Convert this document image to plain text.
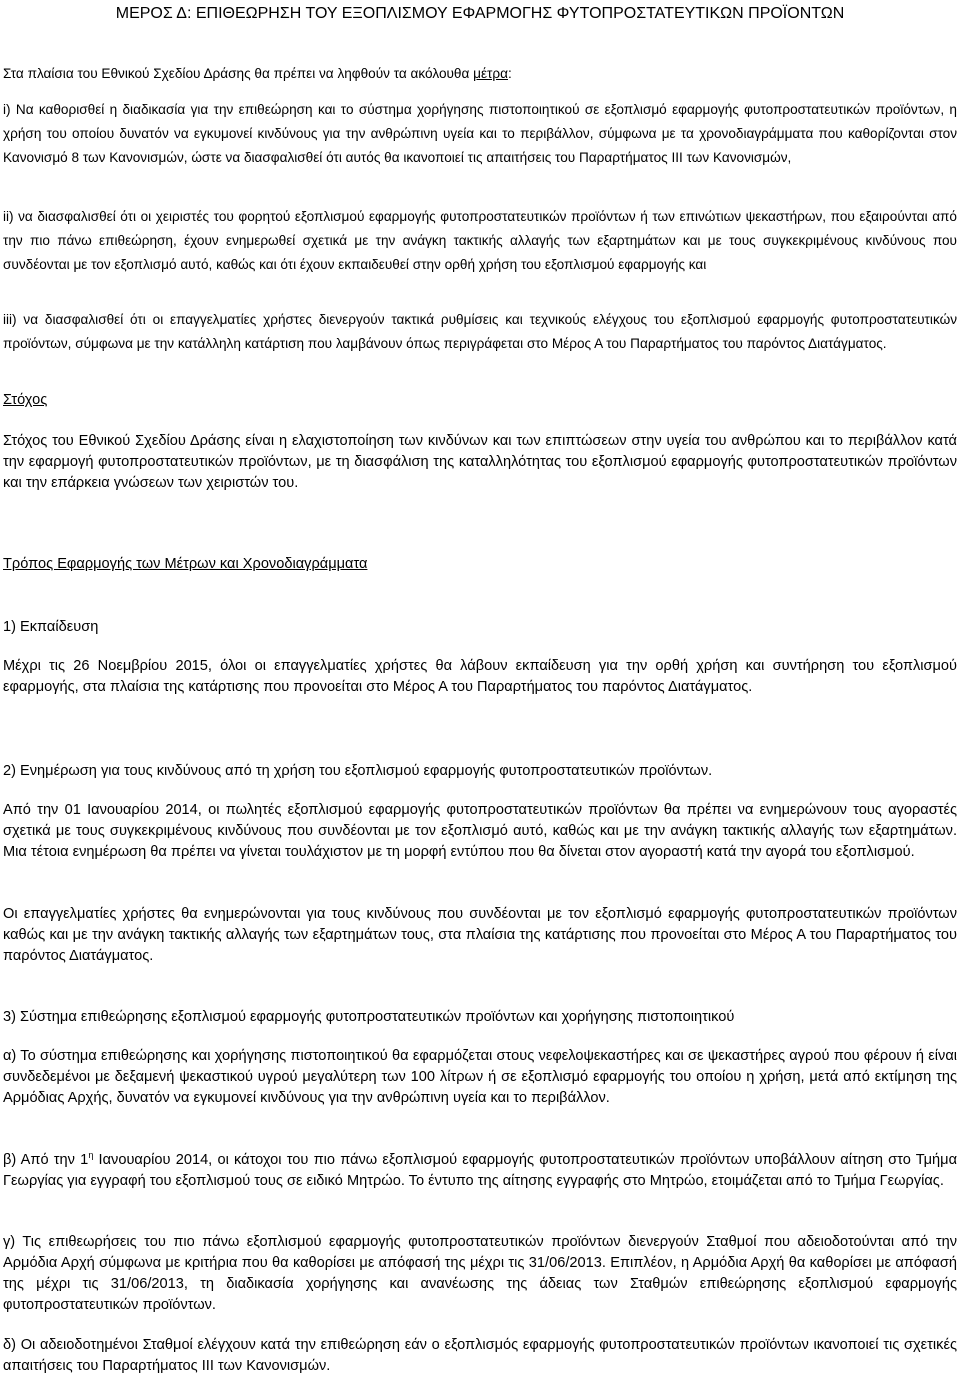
ΜΕΡΟΣ Δ: ΕΠΙΘΕΩΡΗΣΗ ΤΟΥ ΕΞΟΠΛΙΣΜΟΥ ΕΦΑΡΜΟΓΗΣ ΦΥΤΟΠΡΟΣΤΑΤΕΥΤΙΚΩΝ ΠΡΟΪΟΝΤΩΝ

Στα πλαίσια του Εθνικού Σχεδίου Δράσης θα πρέπει να ληφθούν τα ακόλουθα μέτρα:

i) Να καθορισθεί η διαδικασία για την επιθεώρηση και το σύστημα χορήγησης πιστοποιητικού σε εξοπλισμό εφαρμογής φυτοπροστατευτικών προϊόντων, η χρήση του οποίου δυνατόν να εγκυμονεί κινδύνους για την ανθρώπινη υγεία και το περιβάλλον, σύμφωνα με τα χρονοδιαγράμματα που καθορίζονται στον Κανονισμό 8 των Κανονισμών, ώστε να διασφαλισθεί ότι αυτός θα ικανοποιεί τις απαιτήσεις του Παραρτήματος ΙΙΙ των Κανονισμών,

ii) να διασφαλισθεί ότι οι χειριστές του φορητού εξοπλισμού εφαρμογής φυτοπροστατευτικών προϊόντων ή των επινώτιων ψεκαστήρων, που εξαιρούνται από την πιο πάνω επιθεώρηση, έχουν ενημερωθεί σχετικά με την ανάγκη τακτικής αλλαγής των εξαρτημάτων και με τους συγκεκριμένους κινδύνους που συνδέονται με τον εξοπλισμό αυτό, καθώς και ότι έχουν εκπαιδευθεί στην ορθή χρήση του εξοπλισμού εφαρμογής και

iii) να διασφαλισθεί ότι οι επαγγελματίες χρήστες διενεργούν τακτικά ρυθμίσεις και τεχνικούς ελέγχους του εξοπλισμού εφαρμογής φυτοπροστατευτικών προϊόντων, σύμφωνα με την κατάλληλη κατάρτιση που λαμβάνουν όπως περιγράφεται στο Μέρος Α του Παραρτήματος του παρόντος Διατάγματος.

Στόχος

Στόχος του Εθνικού Σχεδίου Δράσης είναι η ελαχιστοποίηση των κινδύνων και των επιπτώσεων στην υγεία του ανθρώπου και το περιβάλλον κατά την εφαρμογή φυτοπροστατευτικών προϊόντων, με τη διασφάλιση της καταλληλότητας του εξοπλισμού εφαρμογής φυτοπροστατευτικών προϊόντων και την επάρκεια γνώσεων των χειριστών του.

Τρόπος Εφαρμογής των Μέτρων και Χρονοδιαγράμματα

1) Εκπαίδευση

Μέχρι τις 26 Νοεμβρίου 2015, όλοι οι επαγγελματίες χρήστες θα λάβουν εκπαίδευση για την ορθή χρήση και συντήρηση του εξοπλισμού εφαρμογής, στα πλαίσια της κατάρτισης που προνοείται στο Μέρος Α του Παραρτήματος του παρόντος Διατάγματος.

2) Ενημέρωση για τους κινδύνους από τη χρήση του εξοπλισμού εφαρμογής φυτοπροστατευτικών προϊόντων.

Από την 01 Ιανουαρίου 2014, οι πωλητές εξοπλισμού εφαρμογής φυτοπροστατευτικών προϊόντων θα πρέπει να ενημερώνουν τους αγοραστές σχετικά με τους συγκεκριμένους κινδύνους που συνδέονται με τον εξοπλισμό αυτό, καθώς και με την ανάγκη τακτικής αλλαγής των εξαρτημάτων. Μια τέτοια ενημέρωση θα πρέπει να γίνεται τουλάχιστον με τη μορφή εντύπου που θα δίνεται στον αγοραστή κατά την αγορά του εξοπλισμού.

Οι επαγγελματίες χρήστες θα ενημερώνονται για τους κινδύνους που συνδέονται με τον εξοπλισμό εφαρμογής φυτοπροστατευτικών προϊόντων καθώς και με την ανάγκη τακτικής αλλαγής των εξαρτημάτων τους, στα πλαίσια της κατάρτισης που προνοείται στο Μέρος Α του Παραρτήματος του παρόντος Διατάγματος.

3) Σύστημα επιθεώρησης εξοπλισμού εφαρμογής φυτοπροστατευτικών προϊόντων και χορήγησης πιστοποιητικού

α) Το σύστημα επιθεώρησης και χορήγησης πιστοποιητικού θα εφαρμόζεται στους νεφελοψεκαστήρες και σε ψεκαστήρες αγρού που φέρουν ή είναι συνδεδεμένοι με δεξαμενή ψεκαστικού υγρού μεγαλύτερη των 100 λίτρων ή σε εξοπλισμό εφαρμογής του οποίου η χρήση, μετά από εκτίμηση της Αρμόδιας Αρχής, δυνατόν να εγκυμονεί κινδύνους για την ανθρώπινη υγεία και το περιβάλλον.

β) Από την $1^\eta$ Ιανουαρίου 2014, οι κάτοχοι του πιο πάνω εξοπλισμού εφαρμογής φυτοπροστατευτικών προϊόντων υποβάλλουν αίτηση στο Τμήμα Γεωργίας για εγγραφή του εξοπλισμού τους σε ειδικό Μητρώο. Το έντυπο της αίτησης εγγραφής στο Μητρώο, ετοιμάζεται από το Τμήμα Γεωργίας.

γ) Τις επιθεωρήσεις του πιο πάνω εξοπλισμού εφαρμογής φυτοπροστατευτικών προϊόντων διενεργούν Σταθμοί που αδειοδοτούνται από την Αρμόδια Αρχή σύμφωνα με κριτήρια που θα καθορίσει με απόφασή της μέχρι τις 31/06/2013. Επιπλέον, η Αρμόδια Αρχή θα καθορίσει με απόφασή της μέχρι τις 31/06/2013, τη διαδικασία χορήγησης και ανανέωσης της άδειας των Σταθμών επιθεώρησης εξοπλισμού εφαρμογής φυτοπροστατευτικών προϊόντων.

δ) Οι αδειοδοτημένοι Σταθμοί ελέγχουν κατά την επιθεώρηση εάν ο εξοπλισμός εφαρμογής φυτοπροστατευτικών προϊόντων ικανοποιεί τις σχετικές απαιτήσεις του Παραρτήματος ΙΙΙ των Κανονισμών.
